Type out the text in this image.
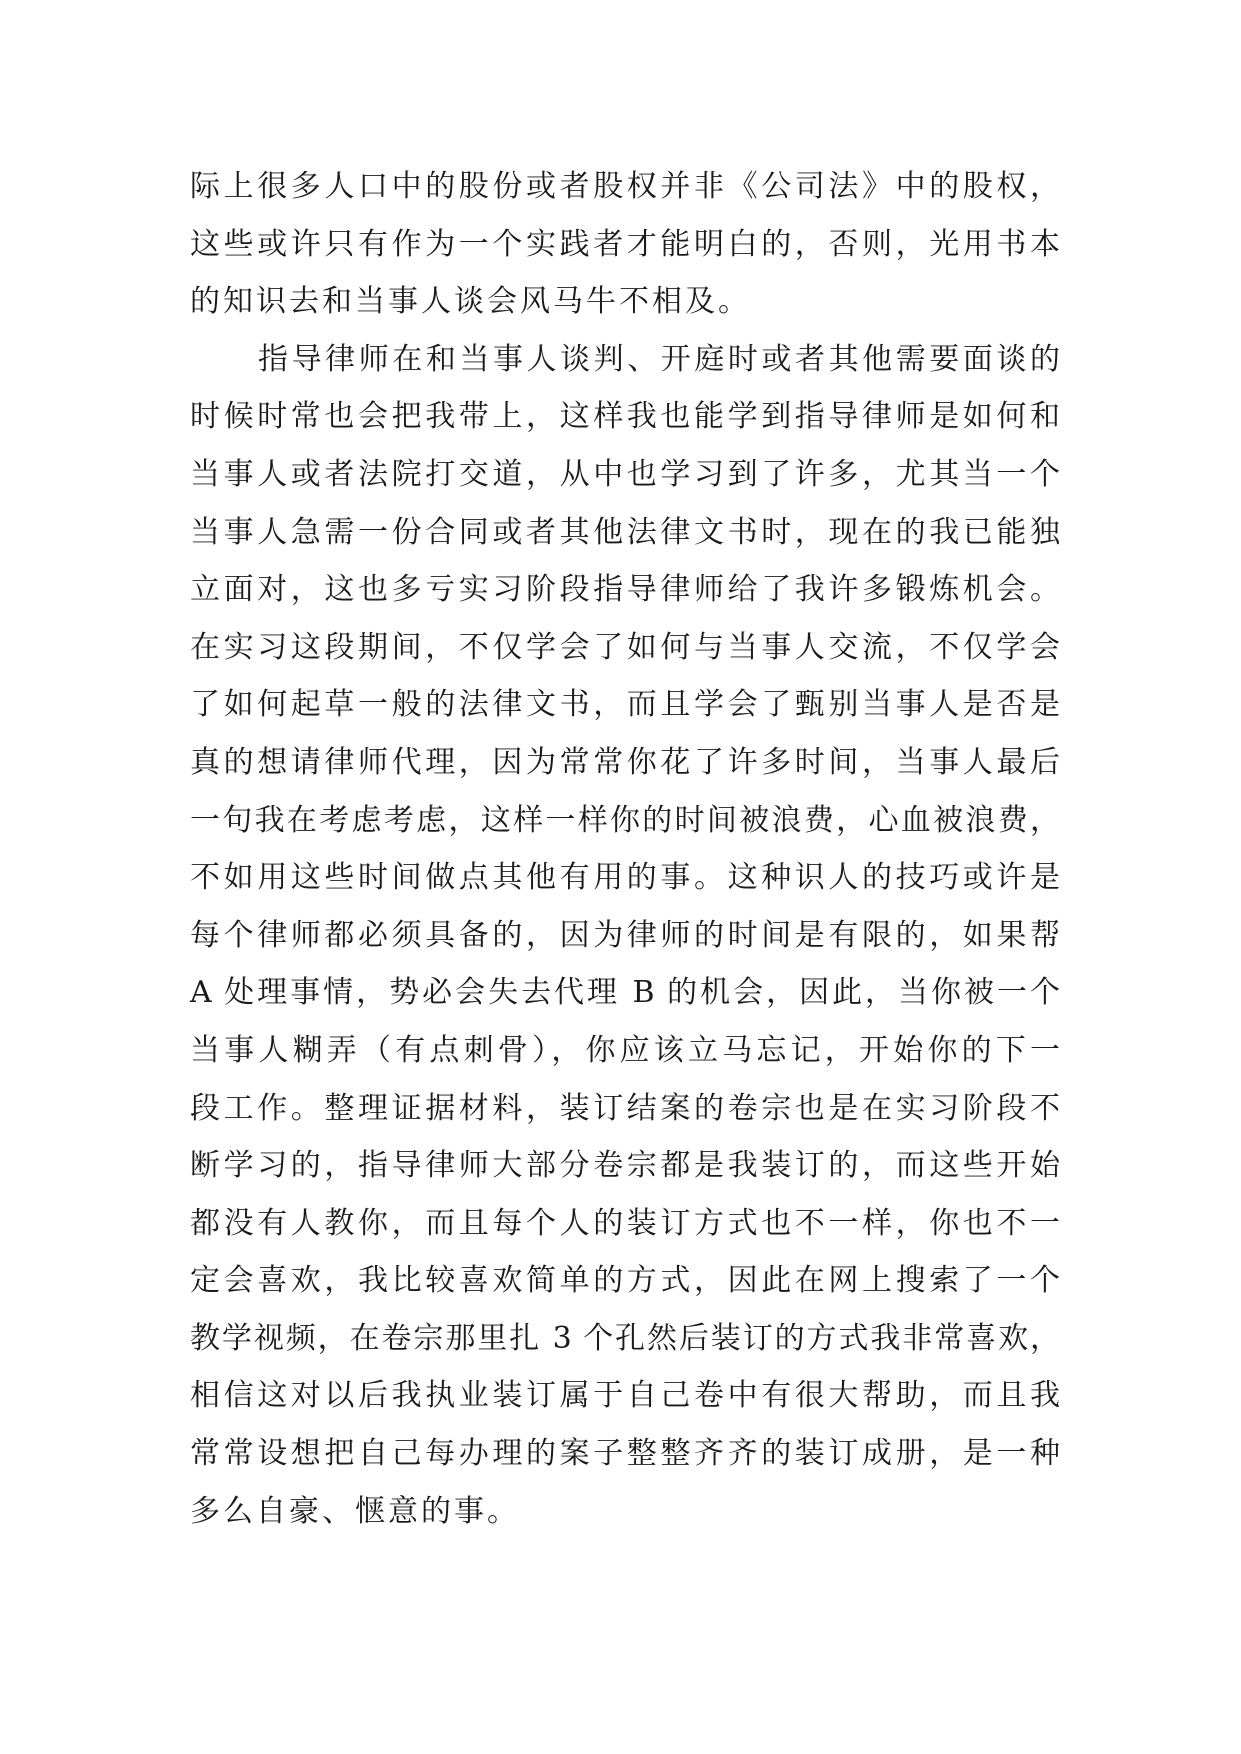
际上很多人口中的股份或者股权并非《公司法》中的股权，
这些或许只有作为一个实践者才能明白的，否则，光用书本
的知识去和当事人谈会风马牛不相及。
指导律师在和当事人谈判、开庭时或者其他需要面谈的
时候时常也会把我带上，这样我也能学到指导律师是如何和
当事人或者法院打交道，从中也学习到了许多，尤其当一个
当事人急需一份合同或者其他法律文书时，现在的我已能独
立面对，这也多亏实习阶段指导律师给了我许多锻炼机会。
在实习这段期间，不仅学会了如何与当事人交流，不仅学会
了如何起草一般的法律文书，而且学会了甄别当事人是否是
真的想请律师代理，因为常常你花了许多时间，当事人最后
一句我在考虑考虑，这样一样你的时间被浪费，心血被浪费，
不如用这些时间做点其他有用的事。这种识人的技巧或许是
每个律师都必须具备的，因为律师的时间是有限的，如果帮
A 处理事情，势必会失去代理 B 的机会，因此，当你被一个
当事人糊弄（有点刺骨），你应该立马忘记，开始你的下一
段工作。整理证据材料，装订结案的卷宗也是在实习阶段不
断学习的，指导律师大部分卷宗都是我装订的，而这些开始
都没有人教你，而且每个人的装订方式也不一样，你也不一
定会喜欢，我比较喜欢简单的方式，因此在网上搜索了一个
教学视频，在卷宗那里扎 3 个孔然后装订的方式我非常喜欢，
相信这对以后我执业装订属于自己卷中有很大帮助，而且我
常常设想把自己每办理的案子整整齐齐的装订成册，是一种
多么自豪、惬意的事。
